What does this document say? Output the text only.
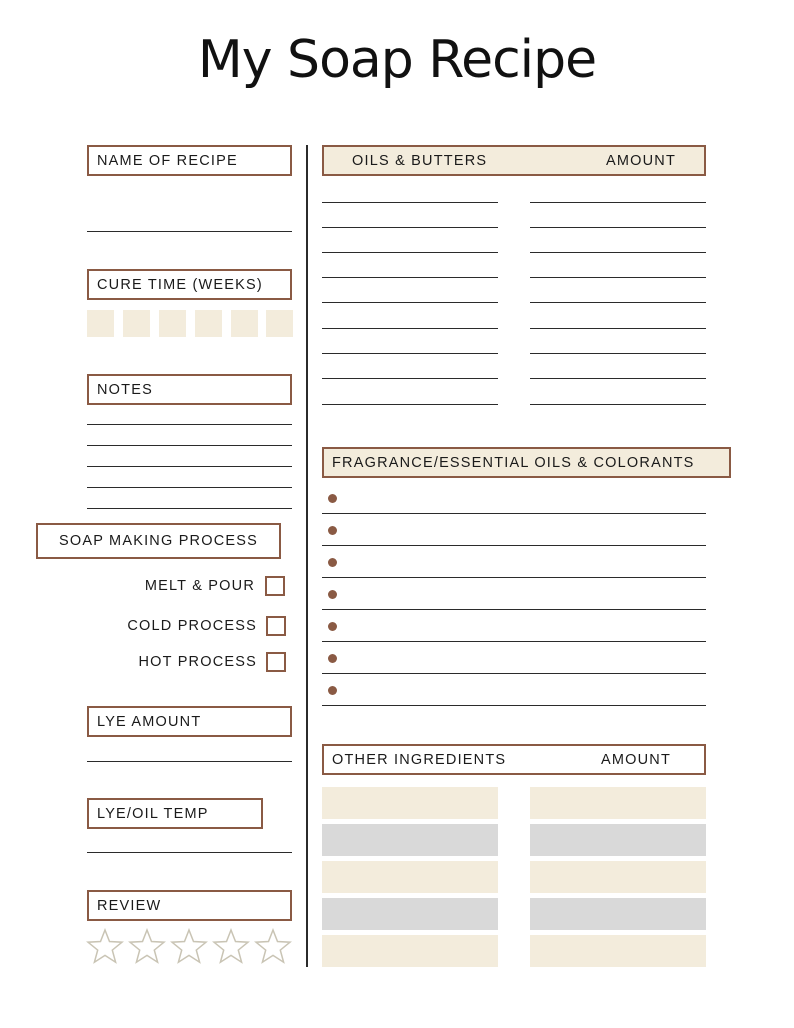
My Soap Recipe
NAME OF RECIPE
CURE TIME (WEEKS)
NOTES
SOAP MAKING PROCESS
MELT & POUR
COLD PROCESS
HOT PROCESS
LYE AMOUNT
LYE/OIL TEMP
REVIEW
OILS & BUTTERS	AMOUNT
FRAGRANCE/ESSENTIAL OILS & COLORANTS
OTHER INGREDIENTS	AMOUNT
